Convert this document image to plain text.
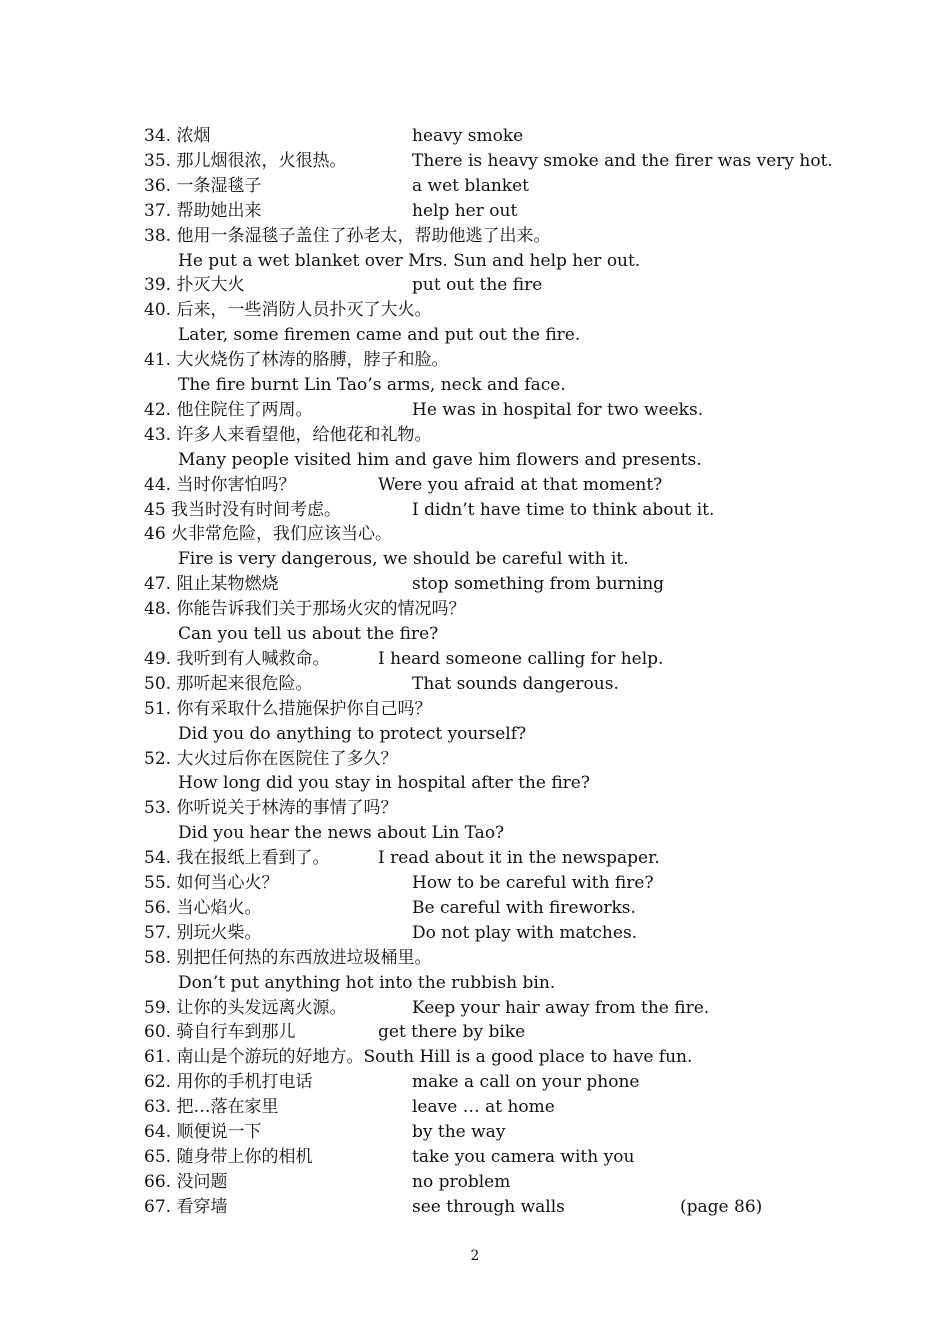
34. 浓烟	heavy smoke
35. 那儿烟很浓，火很热。	There is heavy smoke and the firer was very hot.
36. 一条湿毯子	a wet blanket
37. 帮助她出来	help her out
38. 他用一条湿毯子盖住了孙老太，帮助他逃了出来。
He put a wet blanket over Mrs. Sun and help her out.
39. 扑灭大火	put out the fire
40. 后来，一些消防人员扑灭了大火。
Later, some firemen came and put out the fire.
41. 大火烧伤了林涛的胳膊，脖子和脸。
The fire burnt Lin Tao’s arms, neck and face.
42. 他住院住了两周。	He was in hospital for two weeks.
43. 许多人来看望他，给他花和礼物。
Many people visited him and gave him flowers and presents.
44. 当时你害怕吗？	Were you afraid at that moment?
45 我当时没有时间考虑。	I didn’t have time to think about it.
46 火非常危险，我们应该当心。
Fire is very dangerous, we should be careful with it.
47. 阻止某物燃烧	stop something from burning
48. 你能告诉我们关于那场火灾的情况吗？
Can you tell us about the fire?
49. 我听到有人喊救命。	I heard someone calling for help.
50. 那听起来很危险。	That sounds dangerous.
51. 你有采取什么措施保护你自己吗？
Did you do anything to protect yourself?
52. 大火过后你在医院住了多久？
How long did you stay in hospital after the fire?
53. 你听说关于林涛的事情了吗？
Did you hear the news about Lin Tao?
54. 我在报纸上看到了。	I read about it in the newspaper.
55. 如何当心火？	How to be careful with fire?
56. 当心焰火。	Be careful with fireworks.
57. 别玩火柴。	Do not play with matches.
58. 别把任何热的东西放进垃圾桶里。
Don’t put anything hot into the rubbish bin.
59. 让你的头发远离火源。	Keep your hair away from the fire.
60. 骑自行车到那儿	get there by bike
61. 南山是个游玩的好地方。South Hill is a good place to have fun.
62. 用你的手机打电话	make a call on your phone
63. 把…落在家里	leave … at home
64. 顺便说一下	by the way
65. 随身带上你的相机	take you camera with you
66. 没问题	no problem
67. 看穿墙	see through walls	(page 86)
2
